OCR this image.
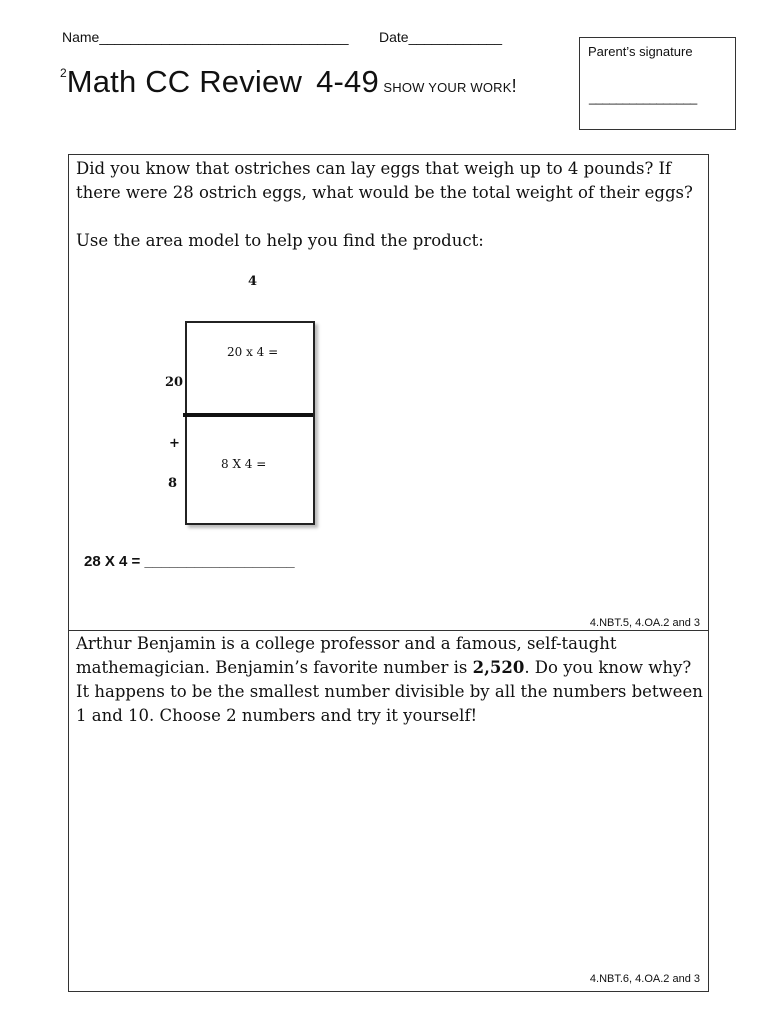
Name________________________________ Date____________
$^2$Math CC Review 4-49 SHOW YOUR WORK!
Parent’s signature
________________

Did you know that ostriches can lay eggs that weigh up to 4 pounds? If there were 28 ostrich eggs, what would be the total weight of their eggs?

Use the area model to help you find the product:

4
20
+
8
20 x 4 =
8 X 4 =
28 X 4 = __________________
4.NBT.5, 4.OA.2 and 3
Arthur Benjamin is a college professor and a famous, self-taught mathemagician. Benjamin’s favorite number is 2,520. Do you know why? It happens to be the smallest number divisible by all the numbers between 1 and 10. Choose 2 numbers and try it yourself!
4.NBT.6, 4.OA.2 and 3
